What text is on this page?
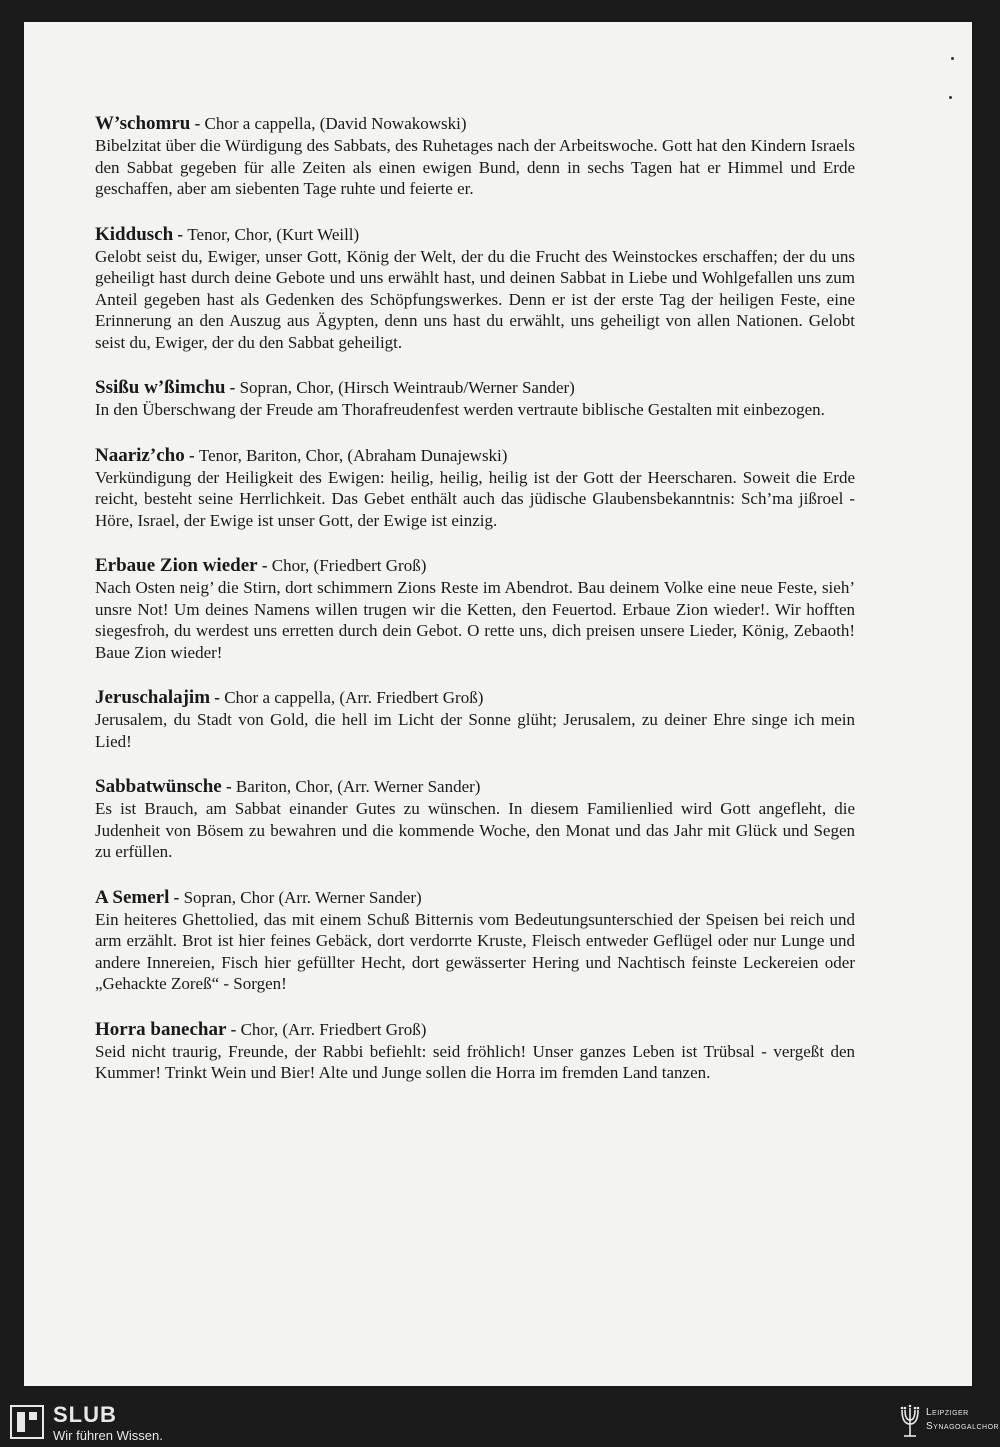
W’schomru - Chor a cappella, (David Nowakowski)
Bibelzitat über die Würdigung des Sabbats, des Ruhetages nach der Arbeitswoche. Gott hat den Kindern Israels den Sabbat gegeben für alle Zeiten als einen ewigen Bund, denn in sechs Tagen hat er Himmel und Erde geschaffen, aber am siebenten Tage ruhte und feierte er.
Kiddusch - Tenor, Chor, (Kurt Weill)
Gelobt seist du, Ewiger, unser Gott, König der Welt, der du die Frucht des Weinstockes erschaffen; der du uns geheiligt hast durch deine Gebote und uns erwählt hast, und deinen Sabbat in Liebe und Wohlgefallen uns zum Anteil gegeben hast als Gedenken des Schöpfungswerkes. Denn er ist der erste Tag der heiligen Feste, eine Erinnerung an den Auszug aus Ägypten, denn uns hast du erwählt, uns geheiligt von allen Nationen. Gelobt seist du, Ewiger, der du den Sabbat geheiligt.
Ssißu w’ßimchu - Sopran, Chor, (Hirsch Weintraub/Werner Sander)
In den Überschwang der Freude am Thorafreudenfest werden vertraute biblische Gestalten mit einbezogen.
Naariz’cho - Tenor, Bariton, Chor, (Abraham Dunajewski)
Verkündigung der Heiligkeit des Ewigen: heilig, heilig, heilig ist der Gott der Heerscharen. Soweit die Erde reicht, besteht seine Herrlichkeit. Das Gebet enthält auch das jüdische Glaubensbekanntnis: Sch’ma jißroel - Höre, Israel, der Ewige ist unser Gott, der Ewige ist einzig.
Erbaue Zion wieder - Chor, (Friedbert Groß)
Nach Osten neig’ die Stirn, dort schimmern Zions Reste im Abendrot. Bau deinem Volke eine neue Feste, sieh’ unsre Not! Um deines Namens willen trugen wir die Ketten, den Feuertod. Erbaue Zion wieder!. Wir hofften siegesfroh, du werdest uns erretten durch dein Gebot. O rette uns, dich preisen unsere Lieder, König, Zebaoth! Baue Zion wieder!
Jeruschalajim - Chor a cappella, (Arr. Friedbert Groß)
Jerusalem, du Stadt von Gold, die hell im Licht der Sonne glüht; Jerusalem, zu deiner Ehre singe ich mein Lied!
Sabbatwünsche - Bariton, Chor, (Arr. Werner Sander)
Es ist Brauch, am Sabbat einander Gutes zu wünschen. In diesem Familienlied wird Gott angefleht, die Judenheit von Bösem zu bewahren und die kommende Woche, den Monat und das Jahr mit Glück und Segen zu erfüllen.
A Semerl - Sopran, Chor (Arr. Werner Sander)
Ein heiteres Ghettolied, das mit einem Schuß Bitternis vom Bedeutungsunterschied der Speisen bei reich und arm erzählt. Brot ist hier feines Gebäck, dort verdorrte Kruste, Fleisch entweder Geflügel oder nur Lunge und andere Innereien, Fisch hier gefüllter Hecht, dort gewässerter Hering und Nachtisch feinste Leckereien oder „Gehackte Zoreß“ - Sorgen!
Horra banechar - Chor, (Arr. Friedbert Groß)
Seid nicht traurig, Freunde, der Rabbi befiehlt: seid fröhlich! Unser ganzes Leben ist Trübsal - vergeßt den Kummer! Trinkt Wein und Bier! Alte und Junge sollen die Horra im fremden Land tanzen.
SLUB
Wir führen Wissen.
Leipziger
Synagogalchor
